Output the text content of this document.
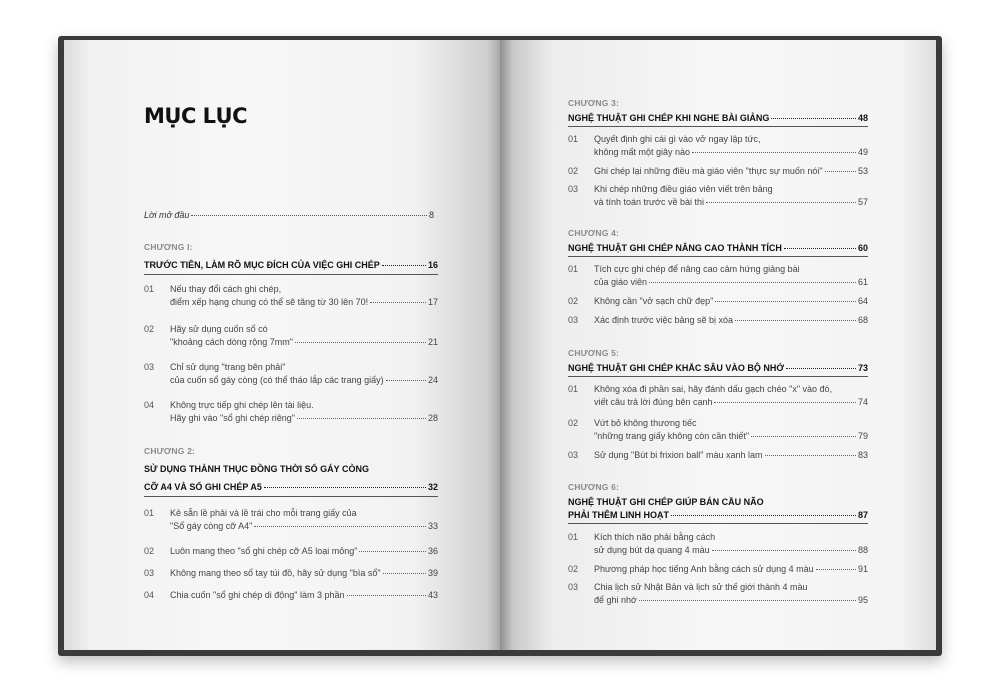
MỤC LỤC
Lời mở đầu	8
CHƯƠNG I:
TRƯỚC TIÊN, LÀM RÕ MỤC ĐÍCH CỦA VIỆC GHI CHÉP	16
01 Nếu thay đổi cách ghi chép,
điểm xếp hạng chung có thể sẽ tăng từ 30 lên 70!	17
02 Hãy sử dụng cuốn sổ có
"khoảng cách dòng rộng 7mm"	21
03 Chỉ sử dụng "trang bên phải"
của cuốn sổ gáy còng (có thể tháo lắp các trang giấy)	24
04 Không trực tiếp ghi chép lên tài liệu.
Hãy ghi vào "sổ ghi chép riêng"	28
CHƯƠNG 2:
SỬ DỤNG THÀNH THỤC ĐỒNG THỜI SỔ GÁY CÒNG
CỠ A4 VÀ SỔ GHI CHÉP A5	32
01 Kẻ sẵn lề phải và lề trái cho mỗi trang giấy của
"Sổ gáy còng cỡ A4"	33
02 Luôn mang theo "sổ ghi chép cỡ A5 loại mỏng"	36
03 Không mang theo sổ tay túi đồ, hãy sử dụng "bìa sổ"	39
04 Chia cuốn "sổ ghi chép di động" làm 3 phần	43
CHƯƠNG 3:
NGHỆ THUẬT GHI CHÉP KHI NGHE BÀI GIẢNG	48
01 Quyết định ghi cái gì vào vở ngay lập tức,
không mất một giây nào	49
02 Ghi chép lại những điều mà giáo viên "thực sự muốn nói"	53
03 Khi chép những điều giáo viên viết trên bảng
và tính toán trước về bài thi	57
CHƯƠNG 4:
NGHỆ THUẬT GHI CHÉP NÂNG CAO THÀNH TÍCH	60
01 Tích cực ghi chép để nâng cao cảm hứng giảng bài
của giáo viên	61
02 Không cần "vở sạch chữ đẹp"	64
03 Xác định trước việc bảng sẽ bị xóa	68
CHƯƠNG 5:
NGHỆ THUẬT GHI CHÉP KHẮC SÂU VÀO BỘ NHỚ	73
01 Không xóa đi phần sai, hãy đánh dấu gạch chéo "x" vào đó,
viết câu trả lời đúng bên cạnh	74
02 Vứt bỏ không thương tiếc
"những trang giấy không còn cần thiết"	79
03 Sử dụng "Bút bi frixion ball" màu xanh lam	83
CHƯƠNG 6:
NGHỆ THUẬT GHI CHÉP GIÚP BÁN CẦU NÃO
PHẢI THÊM LINH HOẠT	87
01 Kích thích não phải bằng cách
sử dụng bút dạ quang 4 màu	88
02 Phương pháp học tiếng Anh bằng cách sử dụng 4 màu	91
03 Chia lịch sử Nhật Bản và lịch sử thế giới thành 4 màu
để ghi nhớ	95
